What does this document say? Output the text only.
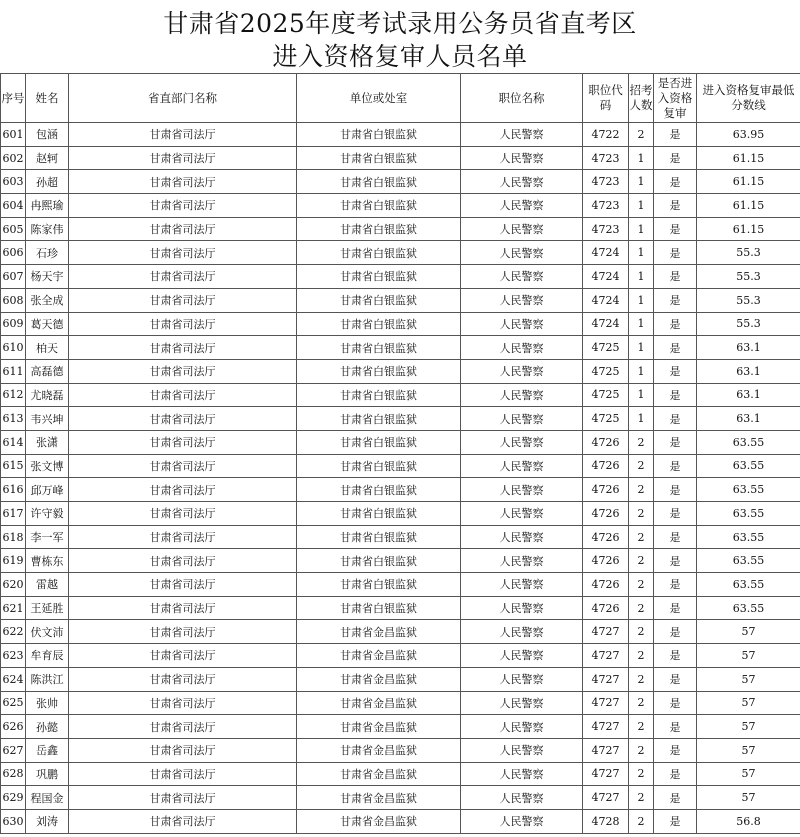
甘肃省2025年度考试录用公务员省直考区
进入资格复审人员名单
序号	姓名	省直部门名称	单位或处室	职位名称	职位代码	招考人数	是否进入资格复审	进入资格复审最低分数线
601	包涵	甘肃省司法厅	甘肃省白银监狱	人民警察	4722	2	是	63.95
602	赵轲	甘肃省司法厅	甘肃省白银监狱	人民警察	4723	1	是	61.15
603	孙超	甘肃省司法厅	甘肃省白银监狱	人民警察	4723	1	是	61.15
604	冉熙瑜	甘肃省司法厅	甘肃省白银监狱	人民警察	4723	1	是	61.15
605	陈家伟	甘肃省司法厅	甘肃省白银监狱	人民警察	4723	1	是	61.15
606	石珍	甘肃省司法厅	甘肃省白银监狱	人民警察	4724	1	是	55.3
607	杨天宇	甘肃省司法厅	甘肃省白银监狱	人民警察	4724	1	是	55.3
608	张全成	甘肃省司法厅	甘肃省白银监狱	人民警察	4724	1	是	55.3
609	葛天德	甘肃省司法厅	甘肃省白银监狱	人民警察	4724	1	是	55.3
610	柏天	甘肃省司法厅	甘肃省白银监狱	人民警察	4725	1	是	63.1
611	高磊德	甘肃省司法厅	甘肃省白银监狱	人民警察	4725	1	是	63.1
612	尤晓磊	甘肃省司法厅	甘肃省白银监狱	人民警察	4725	1	是	63.1
613	韦兴坤	甘肃省司法厅	甘肃省白银监狱	人民警察	4725	1	是	63.1
614	张潇	甘肃省司法厅	甘肃省白银监狱	人民警察	4726	2	是	63.55
615	张文博	甘肃省司法厅	甘肃省白银监狱	人民警察	4726	2	是	63.55
616	邱万峰	甘肃省司法厅	甘肃省白银监狱	人民警察	4726	2	是	63.55
617	许守毅	甘肃省司法厅	甘肃省白银监狱	人民警察	4726	2	是	63.55
618	李一军	甘肃省司法厅	甘肃省白银监狱	人民警察	4726	2	是	63.55
619	曹栋东	甘肃省司法厅	甘肃省白银监狱	人民警察	4726	2	是	63.55
620	雷越	甘肃省司法厅	甘肃省白银监狱	人民警察	4726	2	是	63.55
621	王延胜	甘肃省司法厅	甘肃省白银监狱	人民警察	4726	2	是	63.55
622	伏文沛	甘肃省司法厅	甘肃省金昌监狱	人民警察	4727	2	是	57
623	牟育辰	甘肃省司法厅	甘肃省金昌监狱	人民警察	4727	2	是	57
624	陈洪江	甘肃省司法厅	甘肃省金昌监狱	人民警察	4727	2	是	57
625	张帅	甘肃省司法厅	甘肃省金昌监狱	人民警察	4727	2	是	57
626	孙懿	甘肃省司法厅	甘肃省金昌监狱	人民警察	4727	2	是	57
627	岳鑫	甘肃省司法厅	甘肃省金昌监狱	人民警察	4727	2	是	57
628	巩鹏	甘肃省司法厅	甘肃省金昌监狱	人民警察	4727	2	是	57
629	程国金	甘肃省司法厅	甘肃省金昌监狱	人民警察	4727	2	是	57
630	刘涛	甘肃省司法厅	甘肃省金昌监狱	人民警察	4728	2	是	56.8
